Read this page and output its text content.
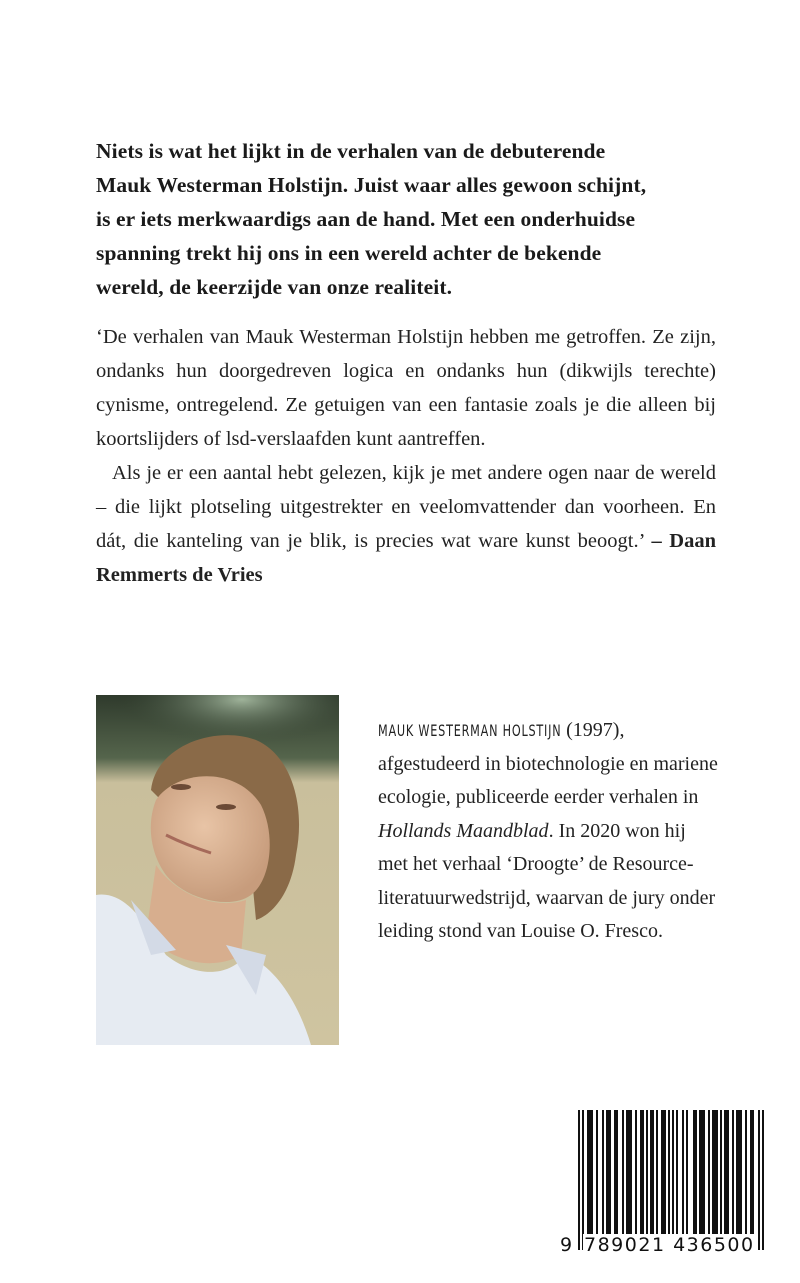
Niets is wat het lijkt in de verhalen van de debuterende

Mauk Westerman Holstijn. Juist waar alles gewoon schijnt,

is er iets merkwaardigs aan de hand. Met een onderhuidse

spanning trekt hij ons in een wereld achter de bekende

wereld, de keerzijde van onze realiteit.

‘De verhalen van Mauk Westerman Holstijn hebben me getroffen. Ze zijn, ondanks hun doorgedreven logica en ondanks hun (dikwijls terechte) cynisme, ontregelend. Ze getuigen van een fantasie zoals je die alleen bij koortslijders of lsd-verslaafden kunt aantreffen.

Als je er een aantal hebt gelezen, kijk je met andere ogen naar de wereld – die lijkt plotseling uitgestrekter en veelomvattender dan voorheen. En dát, die kanteling van je blik, is precies wat ware kunst beoogt.’ – Daan Remmerts de Vries

MAUK WESTERMAN HOLSTIJN (1997), afgestudeerd in biotechnologie en mariene ecologie, publiceerde eerder verhalen in Hollands Maandblad. In 2020 won hij met het verhaal ‘Droogte’ de Resource-literatuurwedstrijd, waarvan de jury onder leiding stond van Louise O. Fresco.

9 789021 436500
